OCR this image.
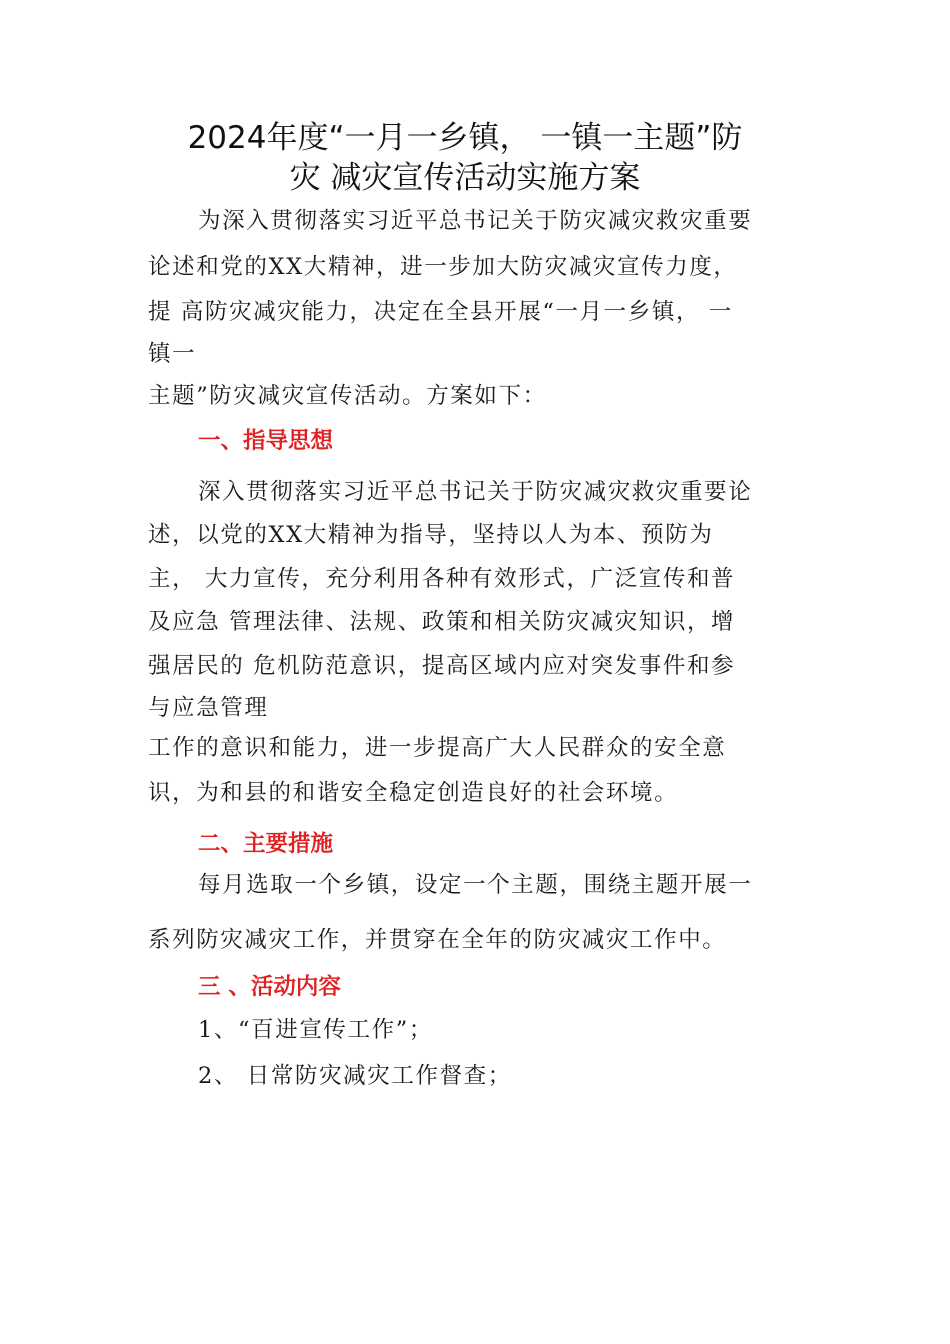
2024年度“一月一乡镇， 一镇一主题”防
灾 减灾宣传活动实施方案

为深入贯彻落实习近平总书记关于防灾减灾救灾重要

论述和党的XX大精神，进一步加大防灾减灾宣传力度，

提 高防灾减灾能力，决定在全县开展“一月一乡镇， 一

镇一

主题”防灾减灾宣传活动。方案如下：

一、指导思想

深入贯彻落实习近平总书记关于防灾减灾救灾重要论

述，以党的XX大精神为指导，坚持以人为本、预防为

主， 大力宣传，充分利用各种有效形式，广泛宣传和普

及应急 管理法律、法规、政策和相关防灾减灾知识，增

强居民的 危机防范意识，提高区域内应对突发事件和参

与应急管理

工作的意识和能力，进一步提高广大人民群众的安全意

识，为和县的和谐安全稳定创造良好的社会环境。

二、主要措施

每月选取一个乡镇，设定一个主题，围绕主题开展一

系列防灾减灾工作，并贯穿在全年的防灾减灾工作中。

三 、活动内容

1、“百进宣传工作”；

2、 日常防灾减灾工作督查；
